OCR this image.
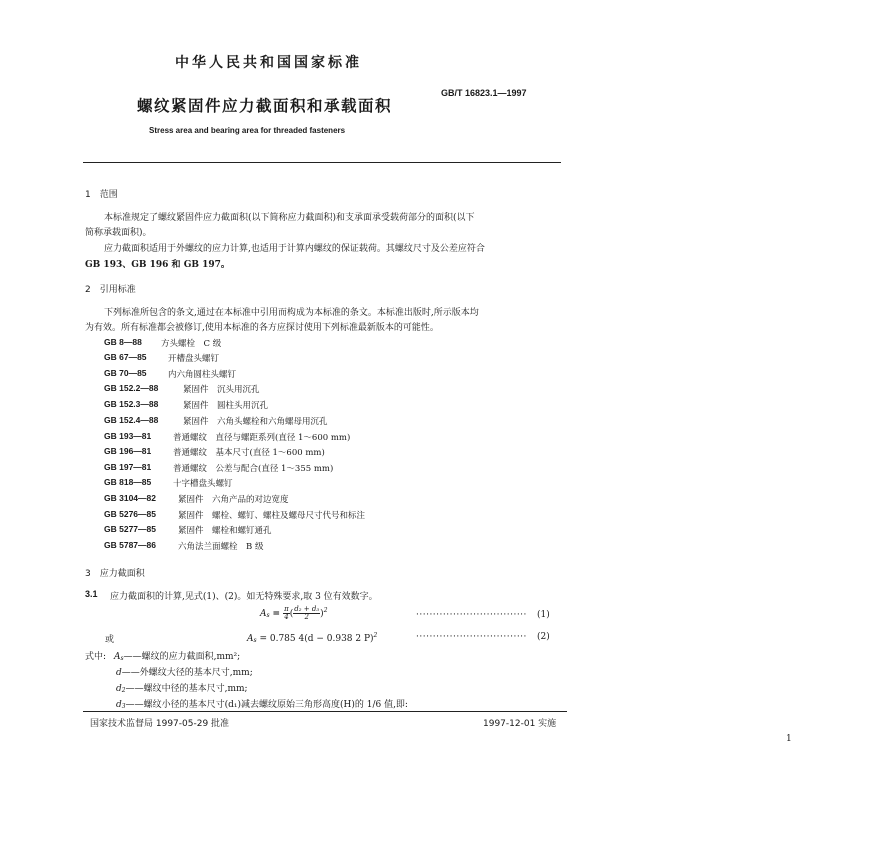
中华人民共和国国家标准
螺纹紧固件应力截面积和承载面积
GB/T 16823.1—1997
Stress area and bearing area for threaded fasteners
1　范围
本标准规定了螺纹紧固件应力截面积(以下简称应力截面积)和支承面承受载荷部分的面积(以下
简称承载面积)。
应力截面积适用于外螺纹的应力计算,也适用于计算内螺纹的保证载荷。其螺纹尺寸及公差应符合
GB 193、GB 196 和 GB 197。
2　引用标准
下列标准所包含的条文,通过在本标准中引用而构成为本标准的条文。本标准出版时,所示版本均
为有效。所有标准都会被修订,使用本标准的各方应探讨使用下列标准最新版本的可能性。
GB 8—88 方头螺栓　C 级
GB 67—85	开槽盘头螺钉
GB 70—85	内六角圆柱头螺钉
GB 152.2—88	紧固件　沉头用沉孔
GB 152.3—88	紧固件　圆柱头用沉孔
GB 152.4—88	紧固件　六角头螺栓和六角螺母用沉孔
GB 193—81	普通螺纹　直径与螺距系列(直径 1～600 mm)
GB 196—81	普通螺纹　基本尺寸(直径 1～600 mm)
GB 197—81	普通螺纹　公差与配合(直径 1～355 mm)
GB 818—85	十字槽盘头螺钉
GB 3104—82	紧固件　六角产品的对边宽度
GB 5276—85	紧固件　螺栓、螺钉、螺柱及螺母尺寸代号和标注
GB 5277—85	紧固件　螺栓和螺钉通孔
GB 5787—86	六角法兰面螺栓　B 级
3　应力截面积
3.1 应力截面积的计算,见式(1)、(2)。如无特殊要求,取 3 位有效数字。
$As = \frac{\pi}{4}$ ( $\frac{\text{d₂ + d₃}}{2} )^2$	································· (1)
或	As = 0.785 4(d − 0.938 2 P)$^2$	································· (2)
式中: As——螺纹的应力截面积,mm²;
d——外螺纹大径的基本尺寸,mm;
d2——螺纹中径的基本尺寸,mm;
d3——螺纹小径的基本尺寸(d₁)减去螺纹原始三角形高度(H)的 1/6 值,即:
国家技术监督局 1997-05-29 批准	1997-12-01 实施
1
